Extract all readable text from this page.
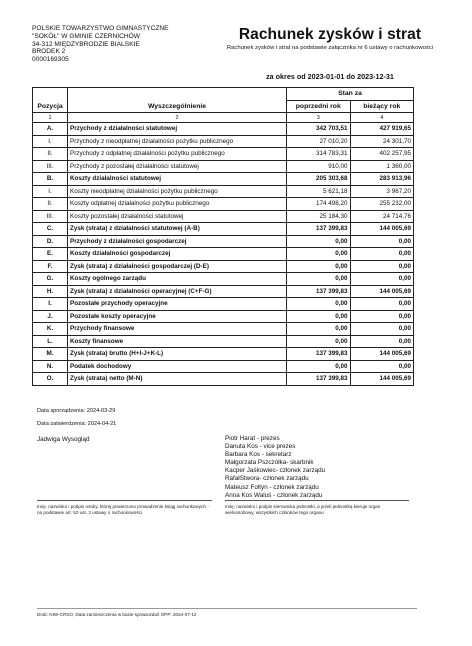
POLSKIE TOWARZYSTWO GIMNASTYCZNE
"SOKÓŁ" W GMINIE CZERNICHÓW
34-312 MIĘDZYBRODZIE BIALSKIE
BRODEK 2
0000169305
Rachunek zysków i strat
Rachunek zysków i strat na podstawie załącznika nr 6 ustawy o rachunkowości
za okres od 2023-01-01 do 2023-12-31
		Stan za	
Pozycja	Wyszczególnienie	poprzedni rok	bieżący rok
1	2	3	4
A.	Przychody z działalności statutowej	342 703,51	427 919,65
I.	Przychody z nieodpłatnej działalności pożytku publicznego	27 010,20	24 301,70
II.	Przychody z odpłatnej działalności pożytku publicznego	314 783,31	402 257,95
III.	Przychody z pozostałej działalności statutowej	910,00	1 360,00
B.	Koszty działalności statutowej	205 303,68	283 913,96
I.	Koszty nieodpłatnej działalności pożytku publicznego	5 621,18	3 967,20
II.	Koszty odpłatnej działalności pożytku publicznego	174 498,20	255 232,00
III.	Koszty pozostałej działalności statutowej	25 184,30	24 714,76
C.	Zysk (strata) z działalności statutowej (A-B)	137 399,83	144 005,69
D.	Przychody z działalności gospodarczej	0,00	0,00
E.	Koszty działalności gospodarczej	0,00	0,00
F.	Zysk (strata) z działalności gospodarczej (D-E)	0,00	0,00
G.	Koszty ogólnego zarządu	0,00	0,00
H.	Zysk (strata) z działalności operacyjnej (C+F-G)	137 399,83	144 005,69
I.	Pozostałe przychody operacyjne	0,00	0,00
J.	Pozostałe koszty operacyjne	0,00	0,00
K.	Przychody finansowe	0,00	0,00
L.	Koszty finansowe	0,00	0,00
M.	Zysk (strata) brutto (H+I-J+K-L)	137 399,83	144 005,69
N.	Podatek dochodowy	0,00	0,00
O.	Zysk (strata) netto (M-N)	137 399,83	144 005,69
Data sporządzenia: 2024-03-29
Data zatwierdzenia: 2024-04-21
Jadwiga Wysogląd	Piotr Harat - prezes
Danuta Kos - vice prezes
Barbara Kos - sekretarz
Małgorzata Pszczółka- skarbnik
Kacper Jaśkowiec- członek zarządu
RafałStwora- członek zarządu
Mateusz Foltyn - członek zarządu
Anna Kos Waluś - członek zarządu
Imię, nazwisko i podpis osoby, której powierzono prowadzenie ksiąg rachunkowych - na podstawie art. 52 ust. 2 ustawy o rachunkowości
Imię, nazwisko i podpis kierownika jednostki, a jeżeli jednostką kieruje organ wieloosobowy, wszystkich członków tego organu
Druk: NIW-CRSO, Data zamieszczenia w bazie sprawozdań OPP: 2024-07-12
